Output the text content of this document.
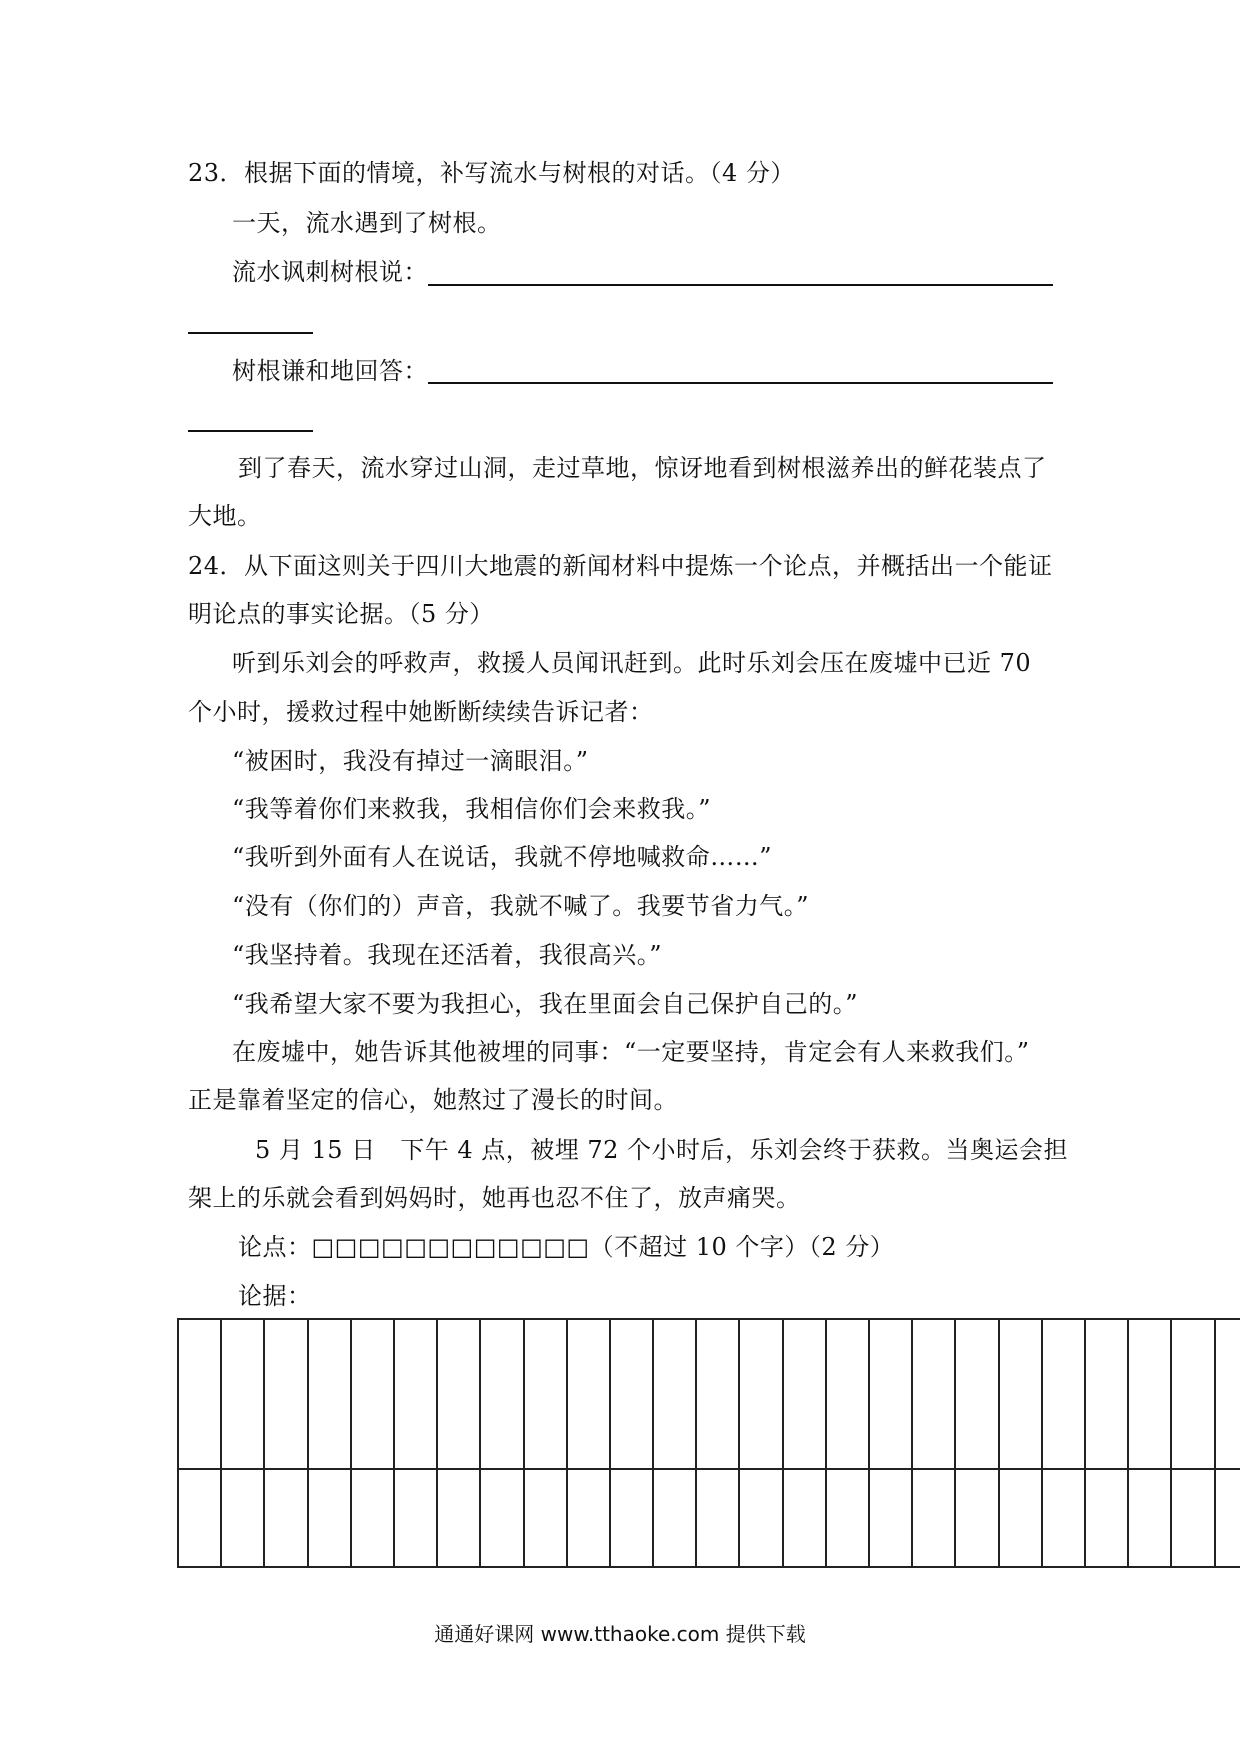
23．根据下面的情境，补写流水与树根的对话。（4 分）
一天，流水遇到了树根。
流水讽刺树根说：
树根谦和地回答：
到了春天，流水穿过山洞，走过草地，惊讶地看到树根滋养出的鲜花装点了
大地。
24．从下面这则关于四川大地震的新闻材料中提炼一个论点，并概括出一个能证
明论点的事实论据。（5 分）
听到乐刘会的呼救声，救援人员闻讯赶到。此时乐刘会压在废墟中已近 70
个小时，援救过程中她断断续续告诉记者：
“被困时，我没有掉过一滴眼泪。”
“我等着你们来救我，我相信你们会来救我。”
“我听到外面有人在说话，我就不停地喊救命……”
“没有（你们的）声音，我就不喊了。我要节省力气。”
“我坚持着。我现在还活着，我很高兴。”
“我希望大家不要为我担心，我在里面会自己保护自己的。”
在废墟中，她告诉其他被埋的同事：“一定要坚持，肯定会有人来救我们。”
正是靠着坚定的信心，她熬过了漫长的时间。
5 月 15 日　下午 4 点，被埋 72 个小时后，乐刘会终于获救。当奥运会担
架上的乐就会看到妈妈时，她再也忍不住了，放声痛哭。
论点：□□□□□□□□□□□□（不超过 10 个字）（2 分）
论据：
通通好课网 www.tthaoke.com 提供下载
